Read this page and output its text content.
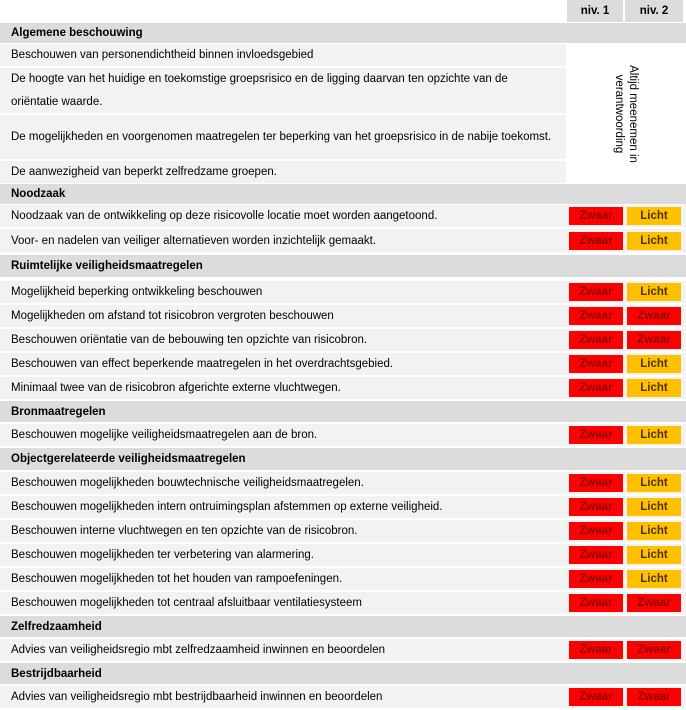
niv. 1	niv. 2
Algemene beschouwing
Beschouwen van personendichtheid binnen invloedsgebied
De hoogte van het huidige en toekomstige groepsrisico en de ligging daarvan ten opzichte van de oriëntatie waarde.
De mogelijkheden en voorgenomen maatregelen ter beperking van het groepsrisico in de nabije toekomst.
De aanwezigheid van beperkt zelfredzame groepen.
Altijd meenemen in verantwoording
Noodzaak
Noodzaak van de ontwikkeling op deze risicovolle locatie moet worden aangetoond.	Zwaar	Licht
Voor- en nadelen van veiliger alternatieven worden inzichtelijk gemaakt.	Zwaar	Licht
Ruimtelijke veiligheidsmaatregelen
Mogelijkheid beperking ontwikkeling beschouwen	Zwaar	Licht
Mogelijkheden om afstand tot risicobron vergroten beschouwen	Zwaar	Zwaar
Beschouwen oriëntatie van de bebouwing ten opzichte van risicobron.	Zwaar	Zwaar
Beschouwen van effect beperkende maatregelen in het overdrachtsgebied.	Zwaar	Licht
Minimaal twee van de risicobron afgerichte externe vluchtwegen.	Zwaar	Licht
Bronmaatregelen
Beschouwen mogelijke veiligheidsmaatregelen aan de bron.	Zwaar	Licht
Objectgerelateerde veiligheidsmaatregelen
Beschouwen mogelijkheden bouwtechnische veiligheidsmaatregelen.	Zwaar	Licht
Beschouwen mogelijkheden intern ontruimingsplan afstemmen op externe veiligheid.	Zwaar	Licht
Beschouwen interne vluchtwegen en ten opzichte van de risicobron.	Zwaar	Licht
Beschouwen mogelijkheden ter verbetering van alarmering.	Zwaar	Licht
Beschouwen mogelijkheden tot het houden van rampoefeningen.	Zwaar	Licht
Beschouwen mogelijkheden tot centraal afsluitbaar ventilatiesysteem	Zwaar	Zwaar
Zelfredzaamheid
Advies van veiligheidsregio mbt zelfredzaamheid inwinnen en beoordelen	Zwaar	Zwaar
Bestrijdbaarheid
Advies van veiligheidsregio mbt bestrijdbaarheid inwinnen en beoordelen	Zwaar	Zwaar
